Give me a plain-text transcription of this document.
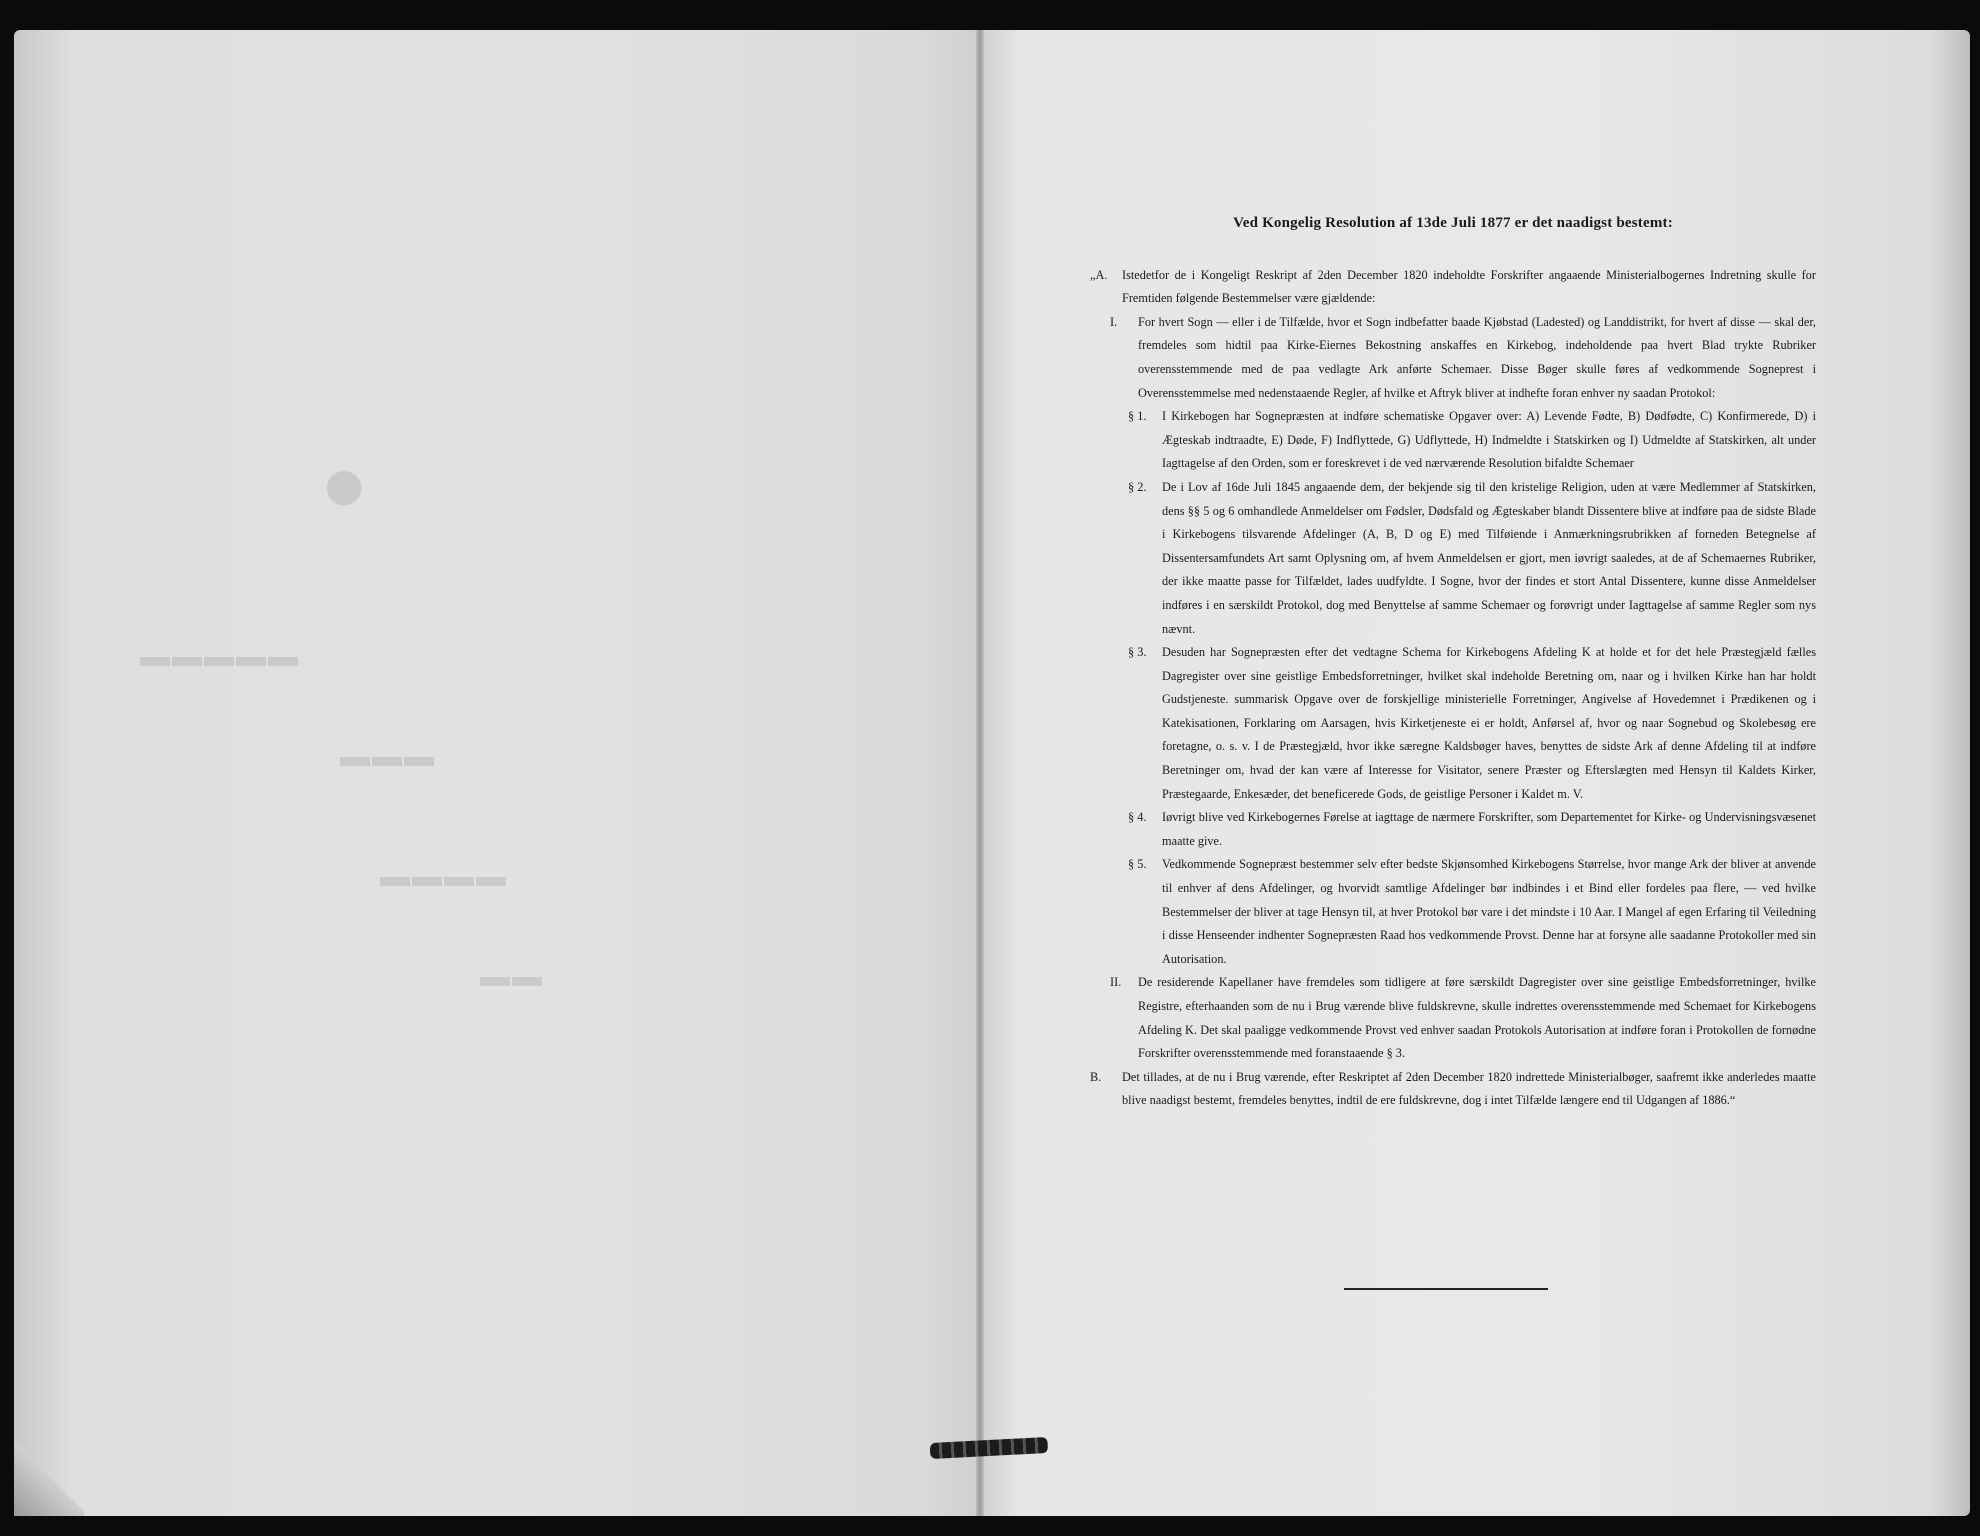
Ved Kongelig Resolution af 13de Juli 1877 er det naadigst bestemt:

„A. Istedetfor de i Kongeligt Reskript af 2den December 1820 indeholdte Forskrifter angaaende Ministerialbogernes Indretning skulle for Fremtiden følgende Bestemmelser være gjældende:

I. For hvert Sogn — eller i de Tilfælde, hvor et Sogn indbefatter baade Kjøbstad (Ladested) og Landdistrikt, for hvert af disse — skal der, fremdeles som hidtil paa Kirke-Eiernes Bekostning anskaffes en Kirkebog, indeholdende paa hvert Blad trykte Rubriker overensstemmende med de paa vedlagte Ark anførte Schemaer. Disse Bøger skulle føres af vedkommende Sogneprest i Overensstemmelse med nedenstaaende Regler, af hvilke et Aftryk bliver at indhefte foran enhver ny saadan Protokol:

§ 1. I Kirkebogen har Sognepræsten at indføre schematiske Opgaver over: A) Levende Fødte, B) Dødfødte, C) Konfirmerede, D) i Ægteskab indtraadte, E) Døde, F) Indflyttede, G) Udflyttede, H) Indmeldte i Statskirken og I) Udmeldte af Statskirken, alt under Iagttagelse af den Orden, som er foreskrevet i de ved nærværende Resolution bifaldte Schemaer

§ 2. De i Lov af 16de Juli 1845 angaaende dem, der bekjende sig til den kristelige Religion, uden at være Medlemmer af Statskirken, dens §§ 5 og 6 omhandlede Anmeldelser om Fødsler, Dødsfald og Ægteskaber blandt Dissentere blive at indføre paa de sidste Blade i Kirkebogens tilsvarende Afdelinger (A, B, D og E) med Tilføiende i Anmærkningsrubrikken af forneden Betegnelse af Dissentersamfundets Art samt Oplysning om, af hvem Anmeldelsen er gjort, men iøvrigt saaledes, at de af Schemaernes Rubriker, der ikke maatte passe for Tilfældet, lades uudfyldte. I Sogne, hvor der findes et stort Antal Dissentere, kunne disse Anmeldelser indføres i en særskildt Protokol, dog med Benyttelse af samme Schemaer og forøvrigt under Iagttagelse af samme Regler som nys nævnt.

§ 3. Desuden har Sognepræsten efter det vedtagne Schema for Kirkebogens Afdeling K at holde et for det hele Præstegjæld fælles Dagregister over sine geistlige Embedsforretninger, hvilket skal indeholde Beretning om, naar og i hvilken Kirke han har holdt Gudstjeneste. summarisk Opgave over de forskjellige ministerielle Forretninger, Angivelse af Hovedemnet i Prædikenen og i Katekisationen, Forklaring om Aarsagen, hvis Kirketjeneste ei er holdt, Anførsel af, hvor og naar Sognebud og Skolebesøg ere foretagne, o. s. v. I de Præstegjæld, hvor ikke særegne Kaldsbøger haves, benyttes de sidste Ark af denne Afdeling til at indføre Beretninger om, hvad der kan være af Interesse for Visitator, senere Præster og Efterslægten med Hensyn til Kaldets Kirker, Præstegaarde, Enkesæder, det beneficerede Gods, de geistlige Personer i Kaldet m. V.

§ 4. Iøvrigt blive ved Kirkebogernes Førelse at iagttage de nærmere Forskrifter, som Departementet for Kirke- og Undervisningsvæsenet maatte give.

§ 5. Vedkommende Sognepræst bestemmer selv efter bedste Skjønsomhed Kirkebogens Størrelse, hvor mange Ark der bliver at anvende til enhver af dens Afdelinger, og hvorvidt samtlige Afdelinger bør indbindes i et Bind eller fordeles paa flere, — ved hvilke Bestemmelser der bliver at tage Hensyn til, at hver Protokol bør vare i det mindste i 10 Aar. I Mangel af egen Erfaring til Veiledning i disse Henseender indhenter Sognepræsten Raad hos vedkommende Provst. Denne har at forsyne alle saadanne Protokoller med sin Autorisation.

II. De residerende Kapellaner have fremdeles som tidligere at føre særskildt Dagregister over sine geistlige Embedsforretninger, hvilke Registre, efterhaanden som de nu i Brug værende blive fuldskrevne, skulle indrettes overensstemmende med Schemaet for Kirkebogens Afdeling K. Det skal paaligge vedkommende Provst ved enhver saadan Protokols Autorisation at indføre foran i Protokollen de fornødne Forskrifter overensstemmende med foranstaaende § 3.

B. Det tillades, at de nu i Brug værende, efter Reskriptet af 2den December 1820 indrettede Ministerialbøger, saafremt ikke anderledes maatte blive naadigst bestemt, fremdeles benyttes, indtil de ere fuldskrevne, dog i intet Tilfælde længere end til Udgangen af 1886.“
